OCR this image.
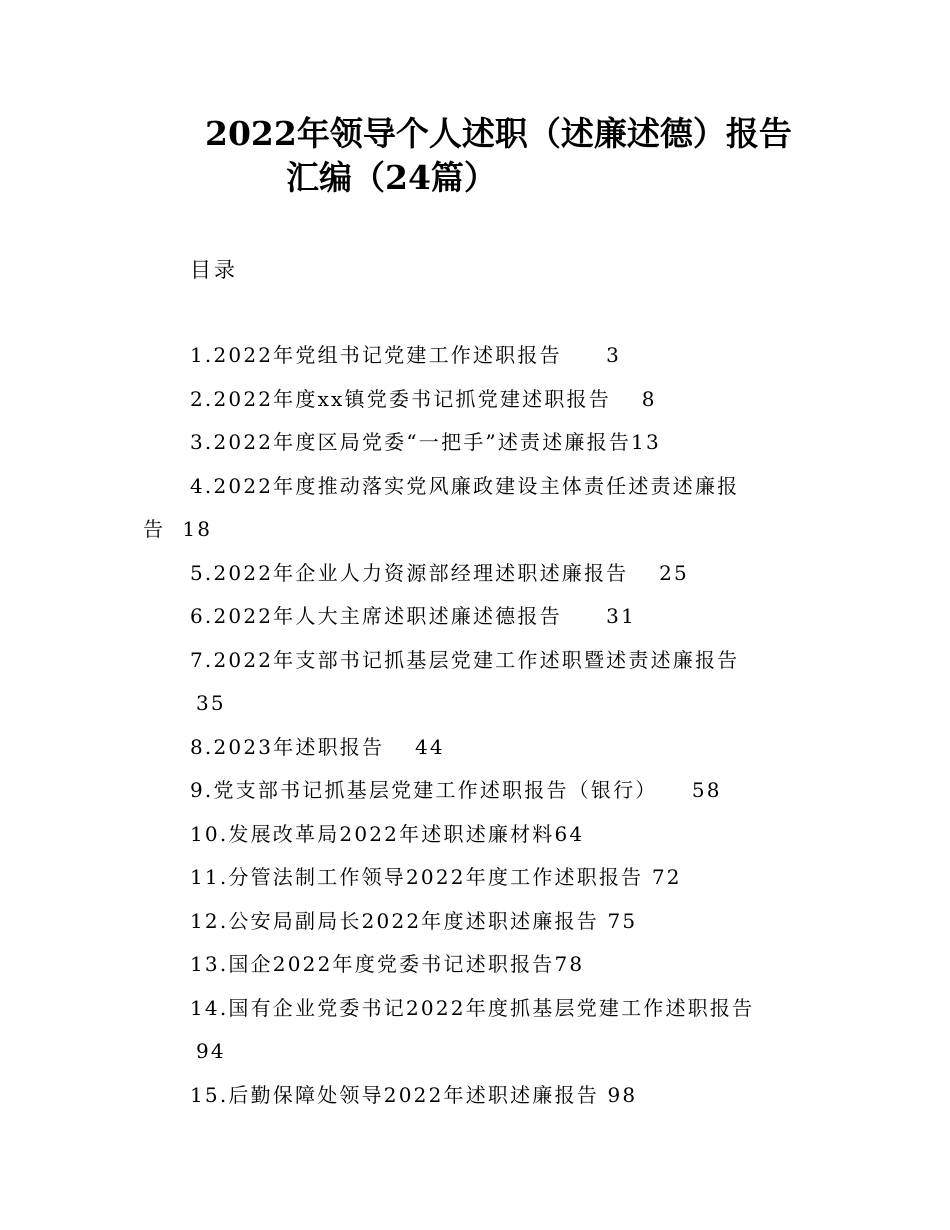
2022年领导个人述职（述廉述德）报告
汇编（24篇）
目录
1.2022年党组书记党建工作述职报告　　3
2.2022年度xx镇党委书记抓党建述职报告　 8
3.2022年度区局党委“一把手”述责述廉报告13
4.2022年度推动落实党风廉政建设主体责任述责述廉报
告  18
5.2022年企业人力资源部经理述职述廉报告　 25
6.2022年人大主席述职述廉述德报告　　31
7.2022年支部书记抓基层党建工作述职暨述责述廉报告
35
8.2023年述职报告　 44
9.党支部书记抓基层党建工作述职报告（银行）　　58
10.发展改革局2022年述职述廉材料64
11.分管法制工作领导2022年度工作述职报告 72
12.公安局副局长2022年度述职述廉报告 75
13.国企2022年度党委书记述职报告78
14.国有企业党委书记2022年度抓基层党建工作述职报告
94
15.后勤保障处领导2022年述职述廉报告 98
